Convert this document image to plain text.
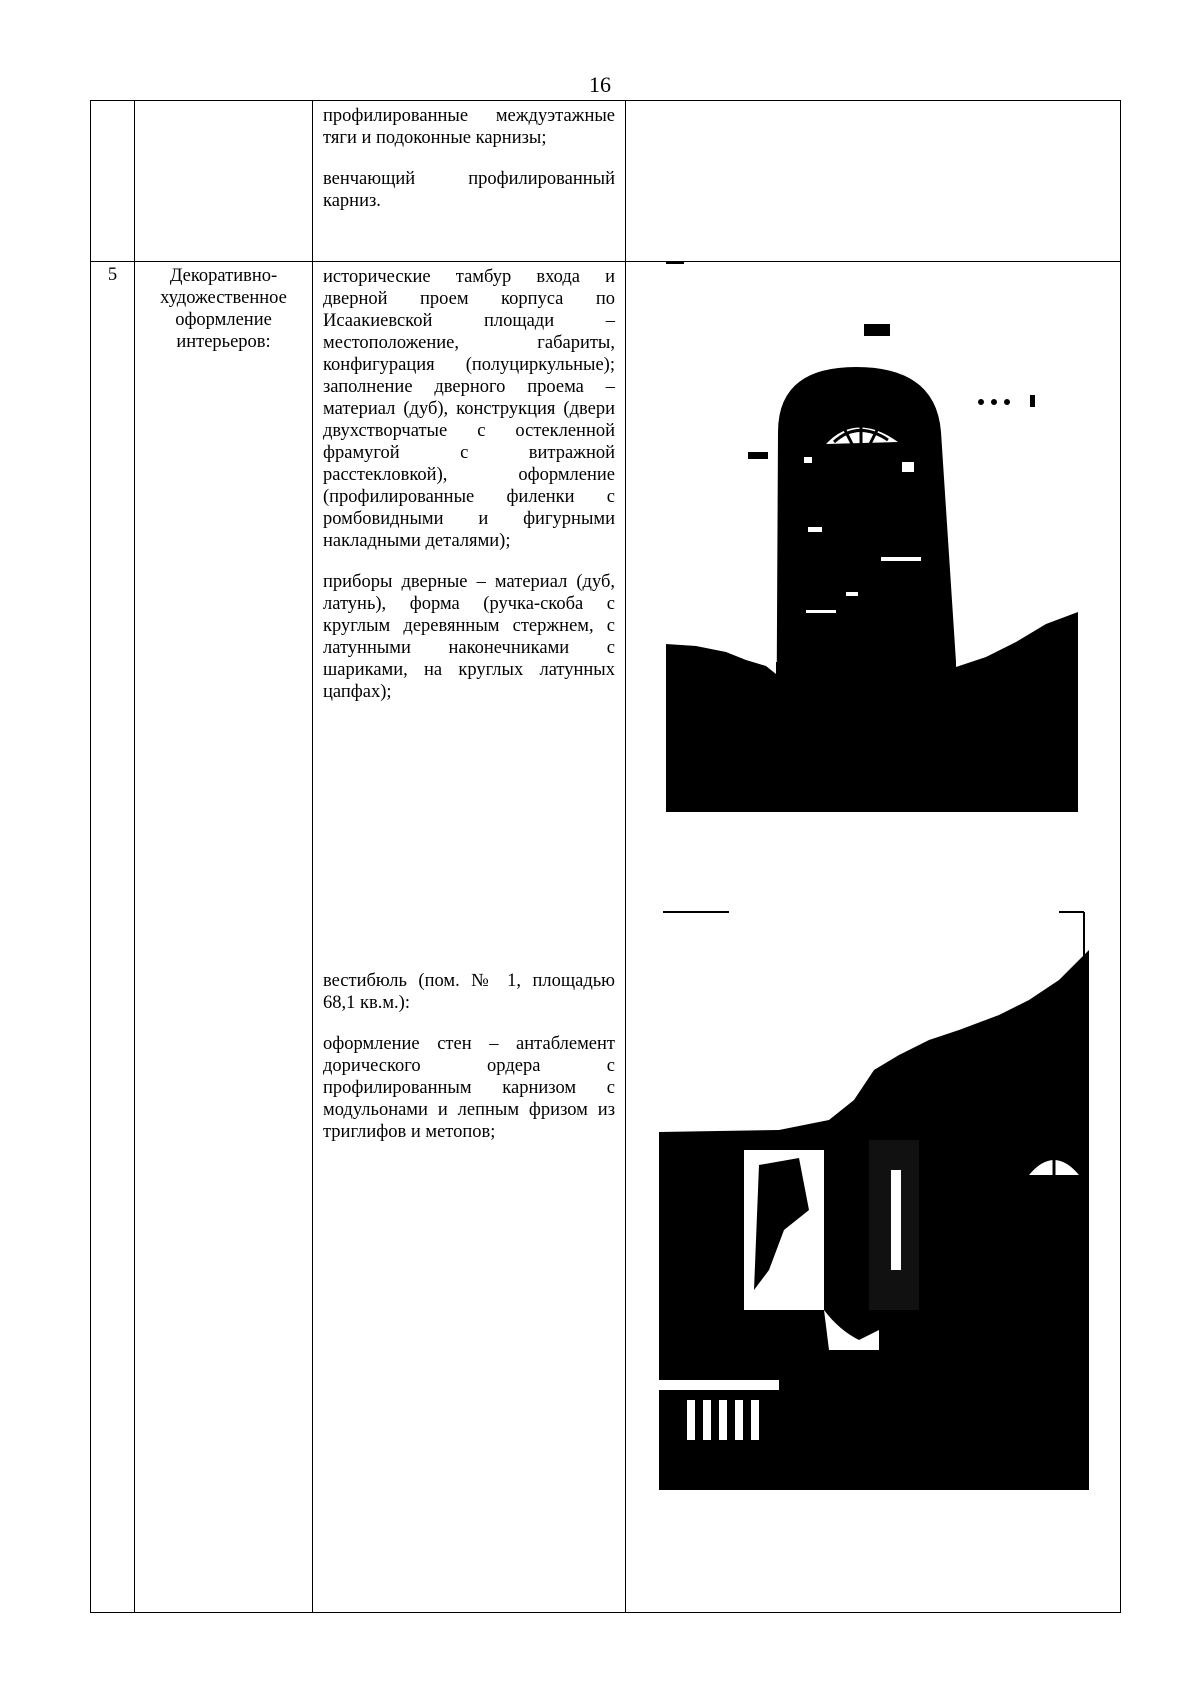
16

		профилированные междуэтажные тяги и подоконные карнизы;

венчающий профилированный карниз.	

5	Декоративно-художественное оформление интерьеров:	исторические тамбур входа и дверной проем корпуса по Исаакиевской площади – местоположение, габариты, конфигурация (полуциркульные); заполнение дверного проема – материал (дуб), конструкция (двери двухстворчатые с остекленной фрамугой с витражной расстекловкой), оформление (профилированные филенки с ромбовидными и фигурными накладными деталями);

приборы дверные – материал (дуб, латунь), форма (ручка-скоба с круглым деревянным стержнем, с латунными наконечниками с шариками, на круглых латунных цапфах);

вестибюль (пом. № 1, площадью 68,1 кв.м.):

оформление стен – антаблемент дорического ордера с профилированным карнизом с модульонами и лепным фризом из триглифов и метопов;
